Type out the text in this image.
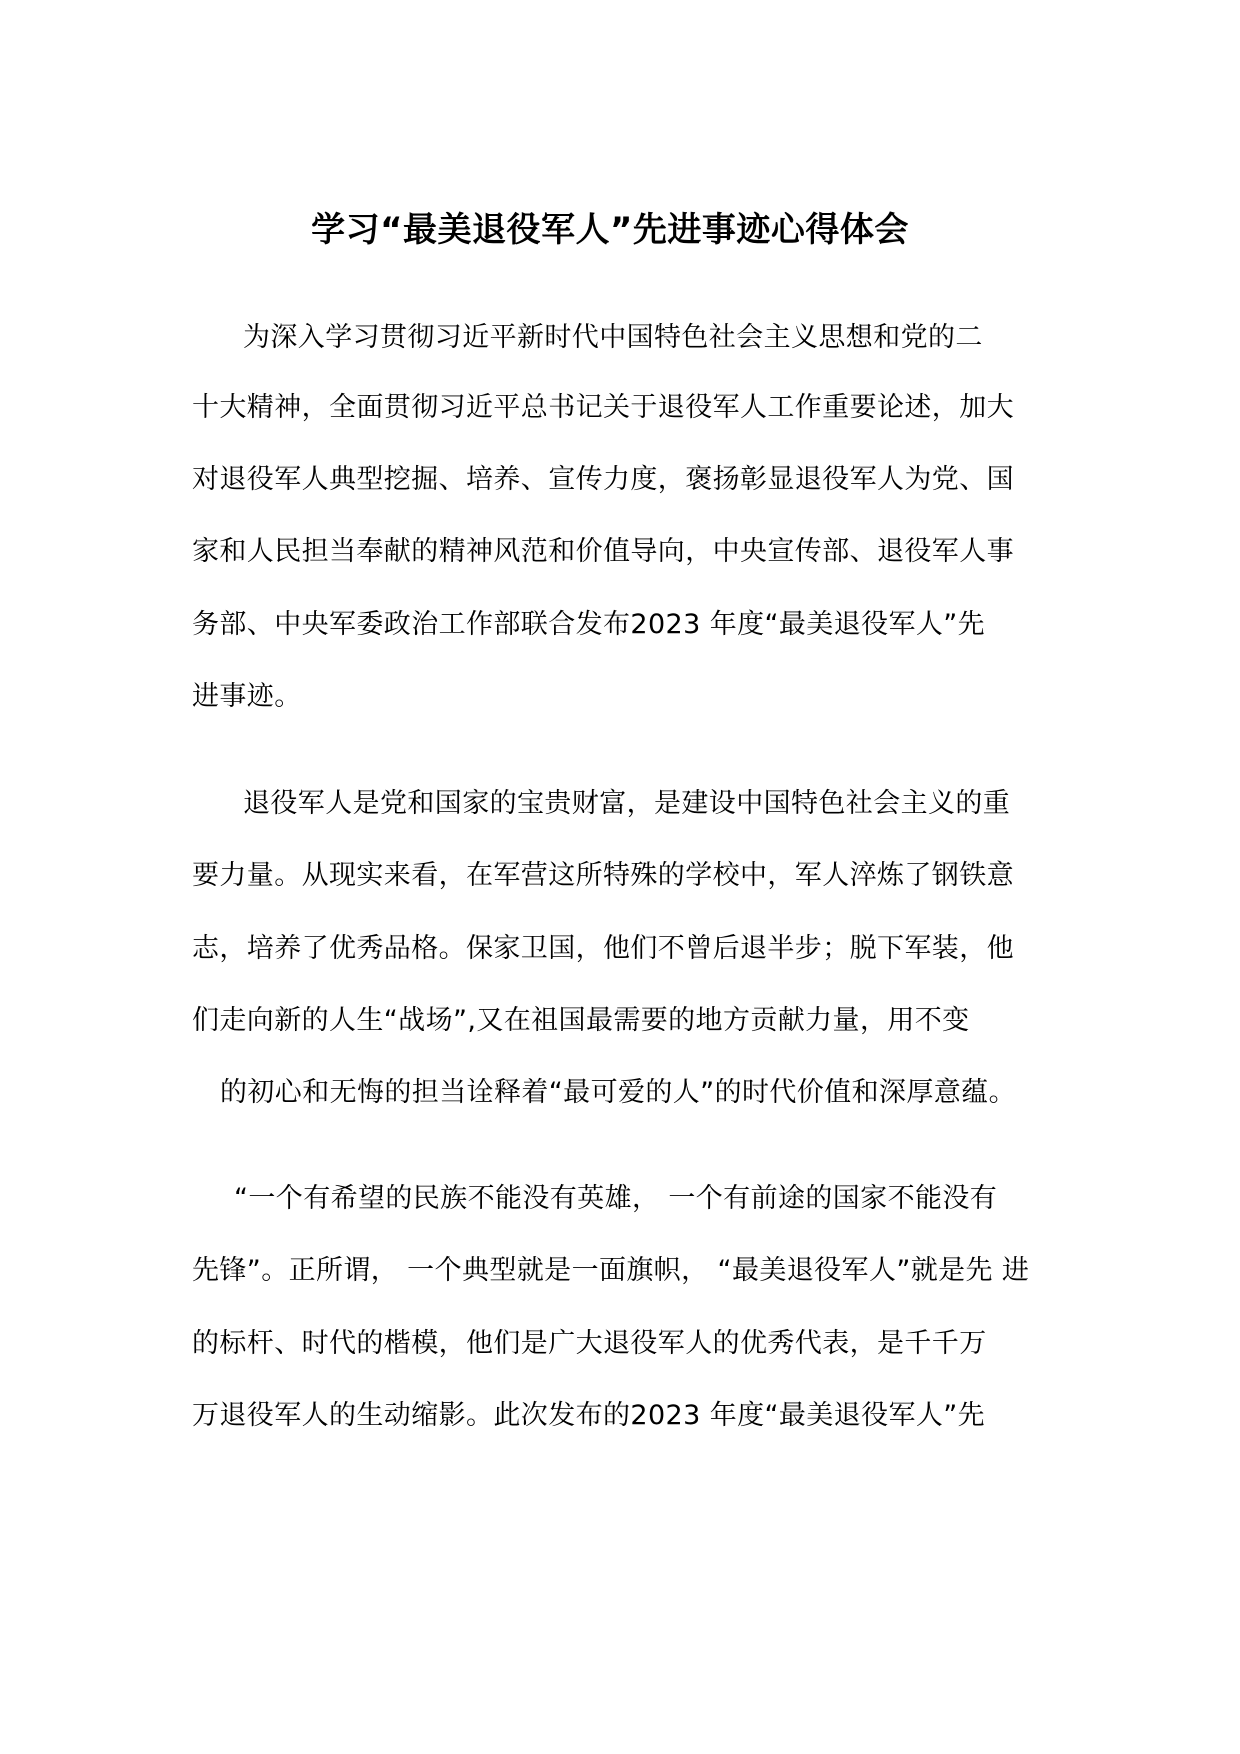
学习“最美退役军人”先进事迹心得体会
为深入学习贯彻习近平新时代中国特色社会主义思想和党的二
十大精神，全面贯彻习近平总书记关于退役军人工作重要论述，加大
对退役军人典型挖掘、培养、宣传力度，褒扬彰显退役军人为党、国
家和人民担当奉献的精神风范和价值导向，中央宣传部、退役军人事
务部、中央军委政治工作部联合发布2023 年度“最美退役军人”先
进事迹。
退役军人是党和国家的宝贵财富，是建设中国特色社会主义的重
要力量。从现实来看，在军营这所特殊的学校中，军人淬炼了钢铁意
志，培养了优秀品格。保家卫国，他们不曾后退半步；脱下军装，他
们走向新的人生“战场”,又在祖国最需要的地方贡献力量，用不变
的初心和无悔的担当诠释着“最可爱的人”的时代价值和深厚意蕴。
“一个有希望的民族不能没有英雄， 一个有前途的国家不能没有
先锋”。正所谓， 一个典型就是一面旗帜， “最美退役军人”就是先 进
的标杆、时代的楷模，他们是广大退役军人的优秀代表，是千千万
万退役军人的生动缩影。此次发布的2023 年度“最美退役军人”先
